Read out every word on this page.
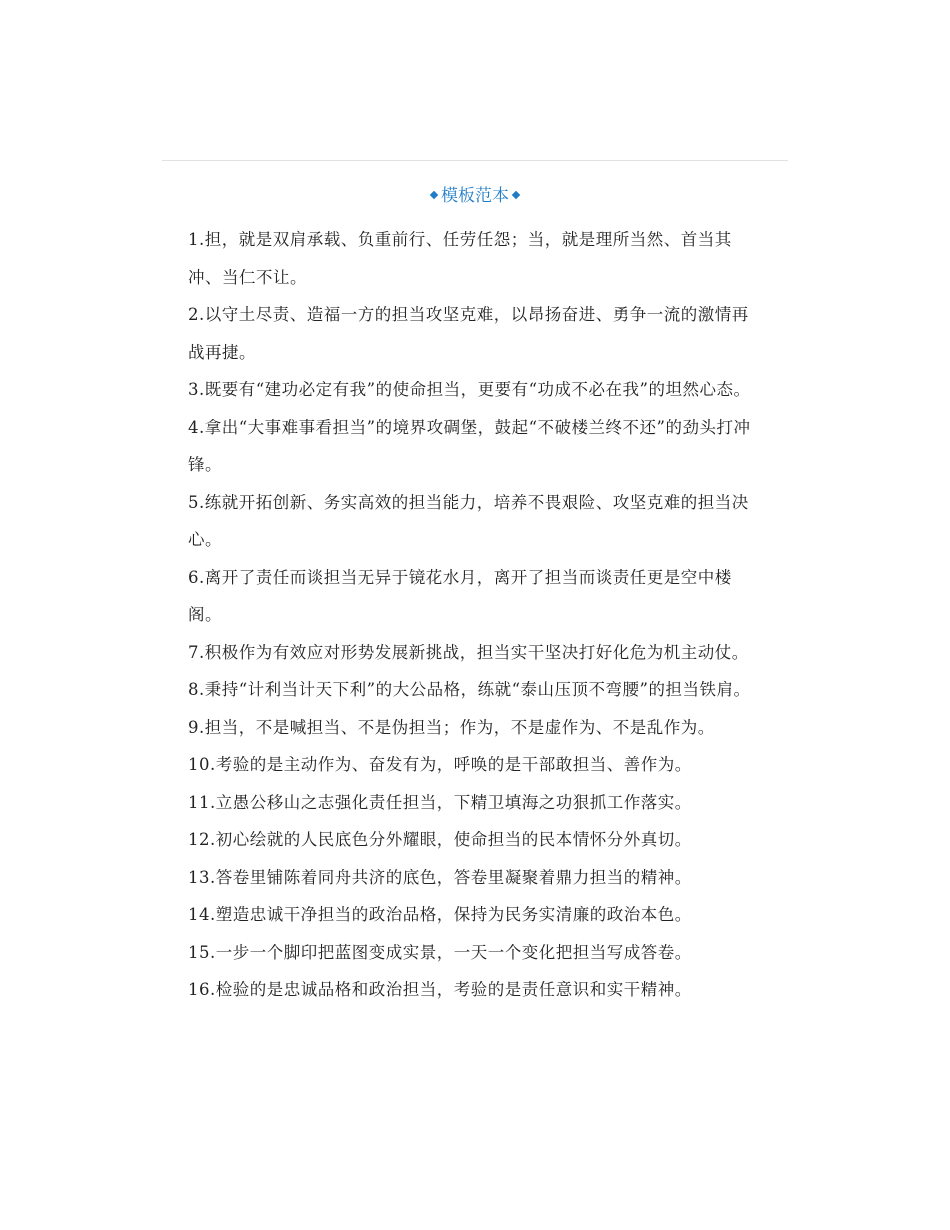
模板范本

1.担，就是双肩承载、负重前行、任劳任怨；当，就是理所当然、首当其冲、当仁不让。

2.以守土尽责、造福一方的担当攻坚克难，以昂扬奋进、勇争一流的激情再战再捷。

3.既要有“建功必定有我”的使命担当，更要有“功成不必在我”的坦然心态。

4.拿出“大事难事看担当”的境界攻碉堡，鼓起“不破楼兰终不还”的劲头打冲锋。

5.练就开拓创新、务实高效的担当能力，培养不畏艰险、攻坚克难的担当决心。

6.离开了责任而谈担当无异于镜花水月，离开了担当而谈责任更是空中楼阁。

7.积极作为有效应对形势发展新挑战，担当实干坚决打好化危为机主动仗。

8.秉持“计利当计天下利”的大公品格，练就“泰山压顶不弯腰”的担当铁肩。

9.担当，不是喊担当、不是伪担当；作为，不是虚作为、不是乱作为。

10.考验的是主动作为、奋发有为，呼唤的是干部敢担当、善作为。

11.立愚公移山之志强化责任担当，下精卫填海之功狠抓工作落实。

12.初心绘就的人民底色分外耀眼，使命担当的民本情怀分外真切。

13.答卷里铺陈着同舟共济的底色，答卷里凝聚着鼎力担当的精神。

14.塑造忠诚干净担当的政治品格，保持为民务实清廉的政治本色。

15.一步一个脚印把蓝图变成实景，一天一个变化把担当写成答卷。

16.检验的是忠诚品格和政治担当，考验的是责任意识和实干精神。
